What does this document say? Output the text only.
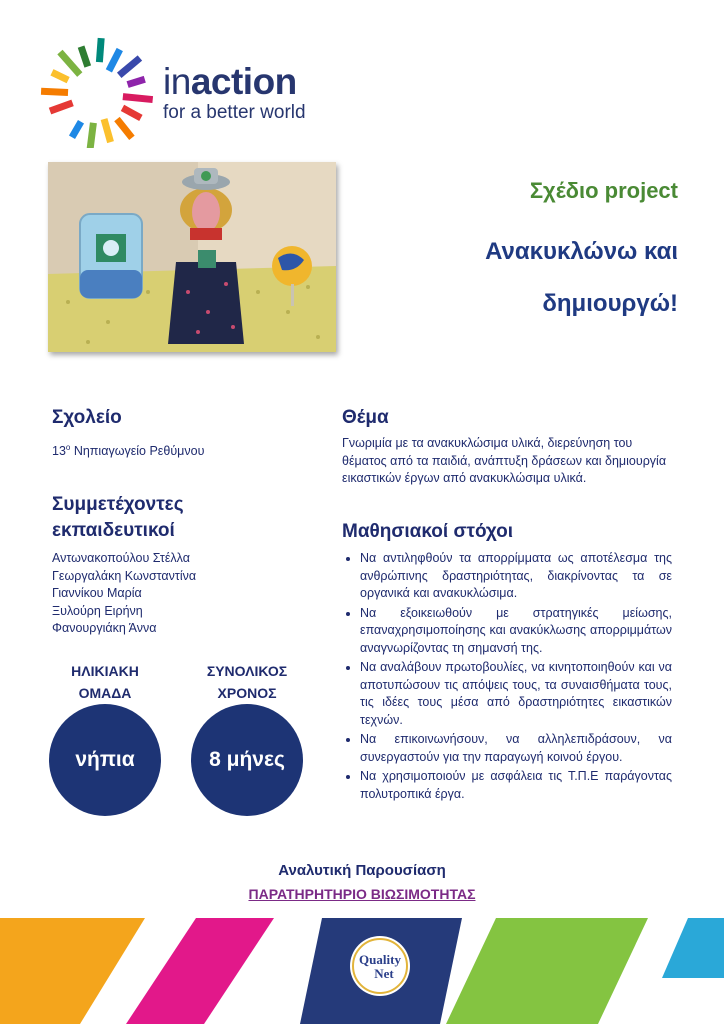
inaction
for a better world
Σχέδιο project
Ανακυκλώνω και δημιουργώ!
Σχολείο
$13^o$ Νηπιαγωγείο Ρεθύμνου
Συμμετέχοντες εκπαιδευτικοί
Αντωνακοπούλου Στέλλα
Γεωργαλάκη Κωνσταντίνα
Γιαννίκου Μαρία
Ξυλούρη Ειρήνη
Φανουργιάκη Άννα
Θέμα
Γνωριμία με τα ανακυκλώσιμα υλικά, διερεύνηση του θέματος από τα παιδιά, ανάπτυξη δράσεων και δημιουργία εικαστικών έργων από ανακυκλώσιμα υλικά.
Μαθησιακοί στόχοι
• Να αντιληφθούν τα απορρίμματα ως αποτέλεσμα της ανθρώπινης δραστηριότητας, διακρίνοντας τα σε οργανικά και ανακυκλώσιμα.
• Να εξοικειωθούν με στρατηγικές μείωσης, επαναχρησιμοποίησης και ανακύκλωσης απορριμμάτων αναγνωρίζοντας τη σημανσή της.
• Να αναλάβουν πρωτοβουλίες, να κινητοποιηθούν και να αποτυπώσουν τις απόψεις τους, τα συναισθήματα τους, τις ιδέες τους μέσα από δραστηριότητες εικαστικών τεχνών.
• Να επικοινωνήσουν, να αλληλεπιδράσουν, να συνεργαστούν για την παραγωγή κοινού έργου.
• Να χρησιμοποιούν με ασφάλεια τις Τ.Π.Ε παράγοντας πολυτροπικά έργα.
ΗΛΙΚΙΑΚΗ
ΟΜΑΔΑ
ΣΥΝΟΛΙΚΟΣ
ΧΡΟΝΟΣ
νήπια	8 μήνες
Αναλυτική Παρουσίαση
ΠΑΡΑΤΗΡΗΤΗΡΙΟ ΒΙΩΣΙΜΟΤΗΤΑΣ
Quality
Net
